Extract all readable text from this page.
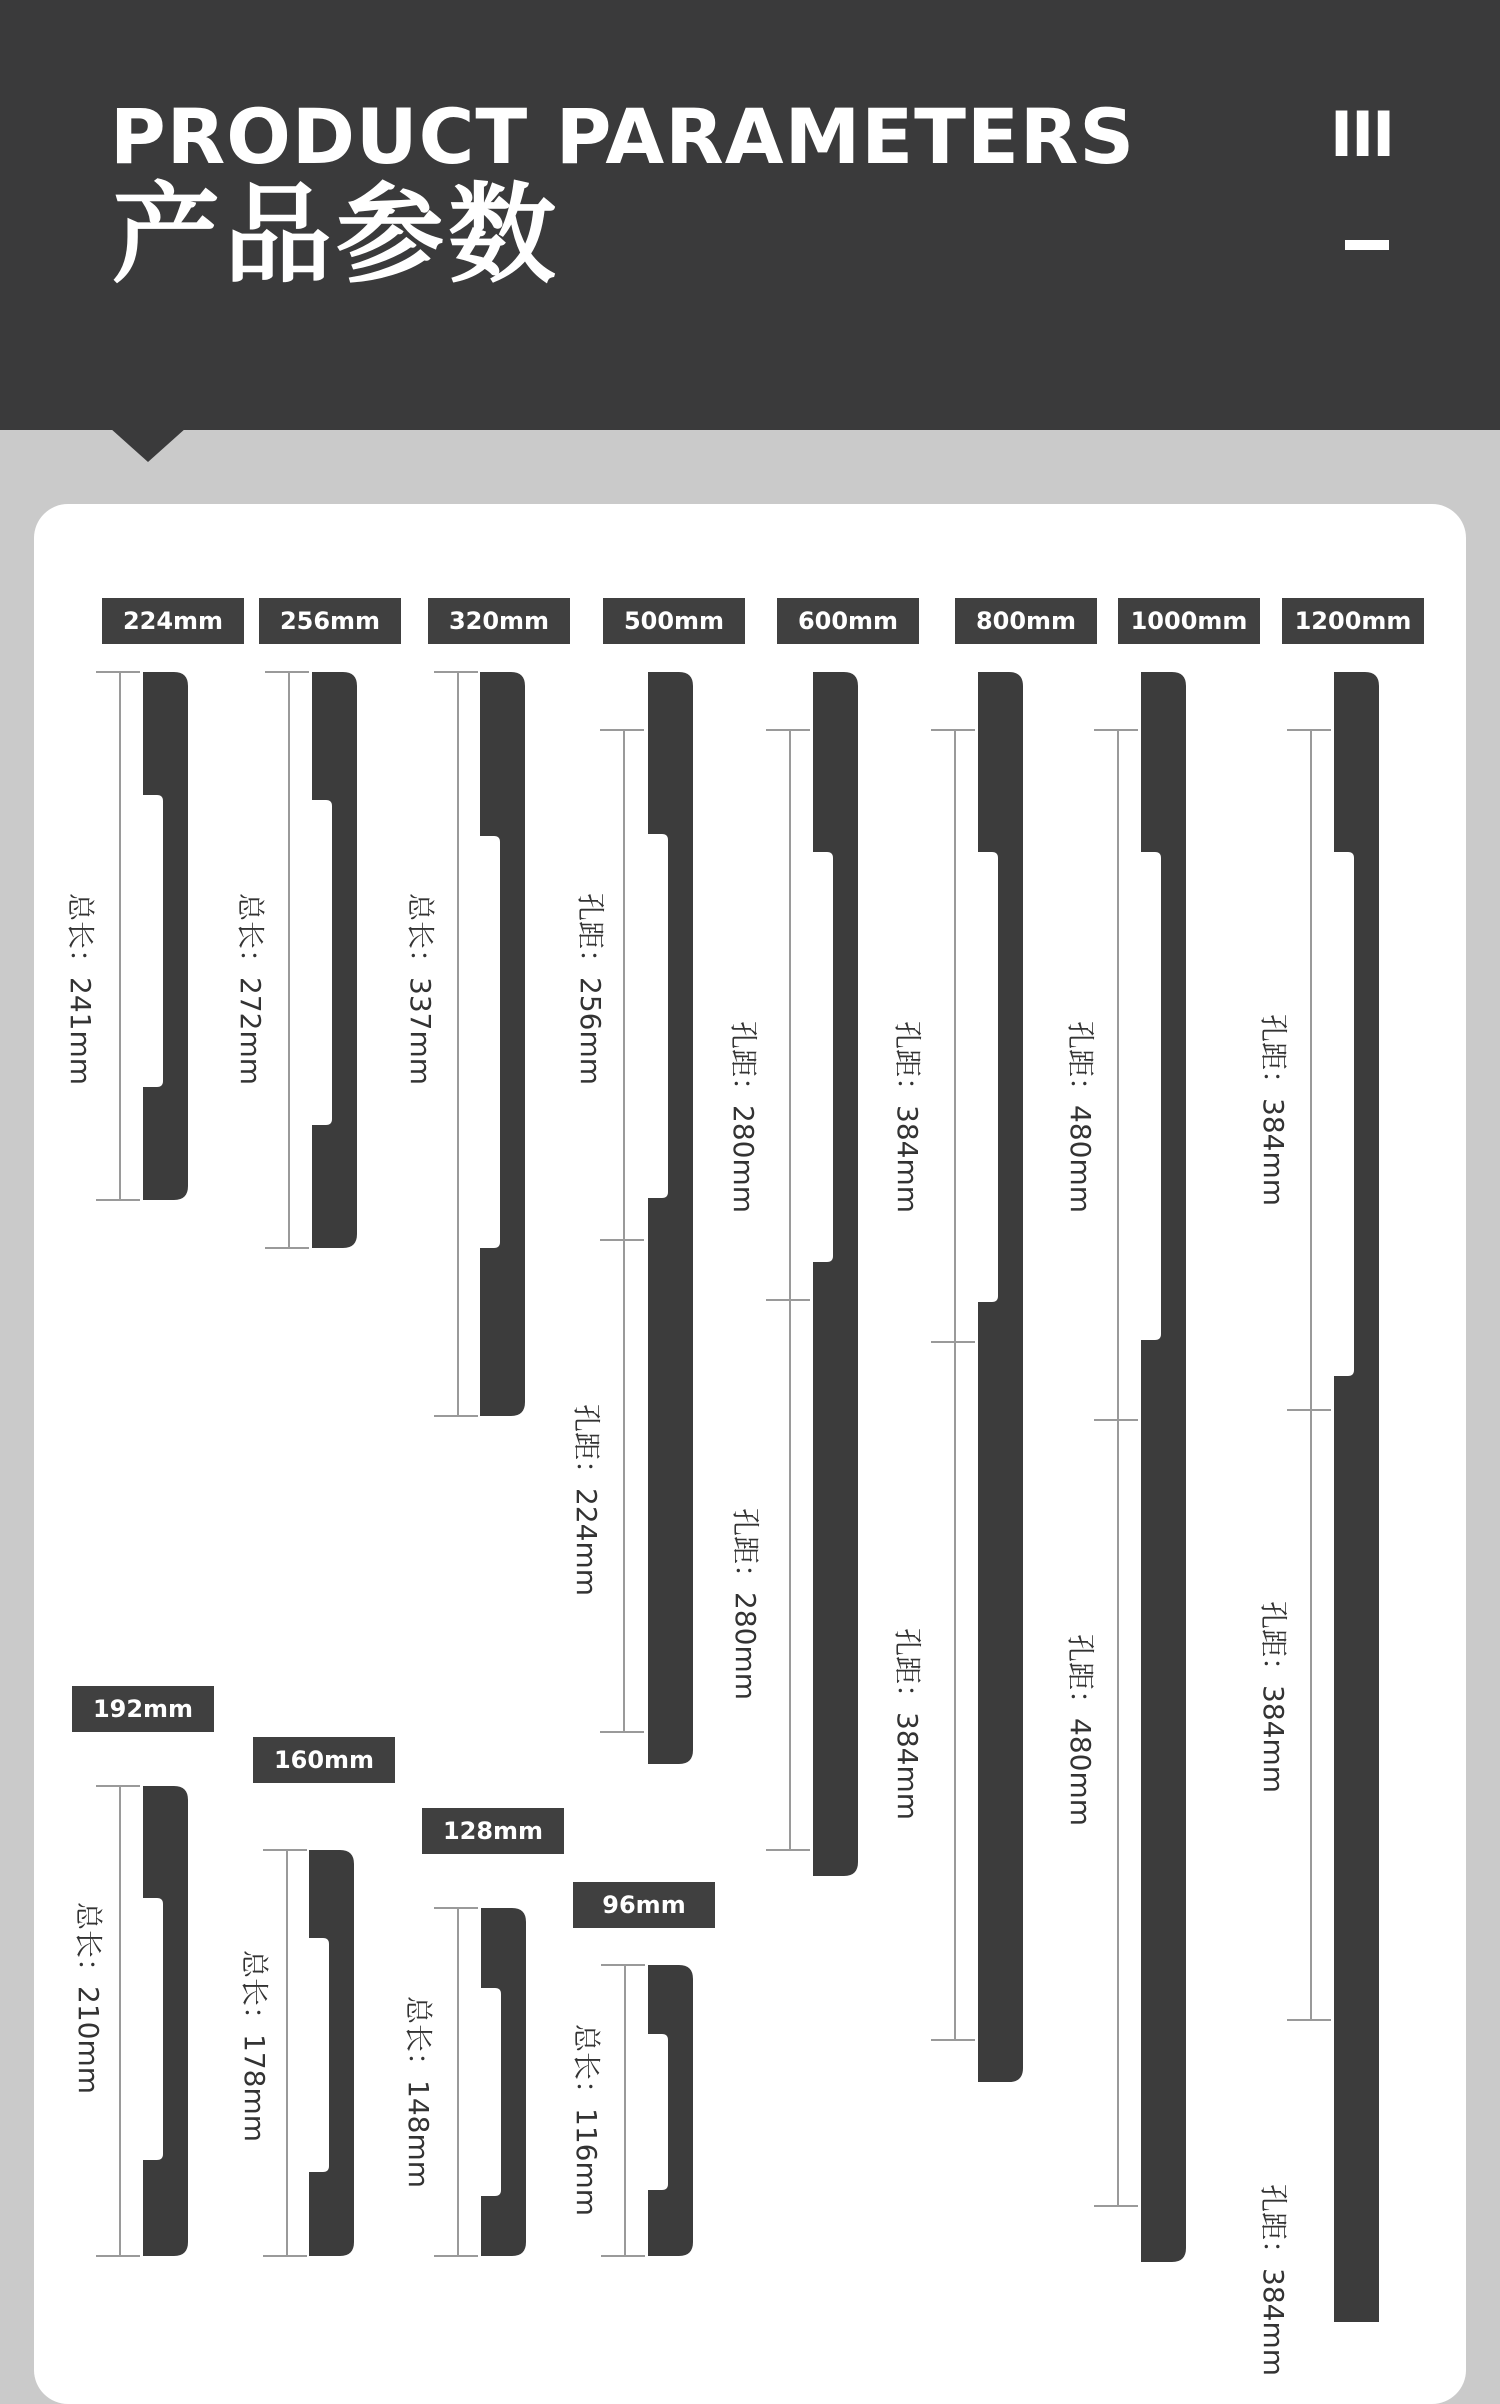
PRODUCT PARAMETERS
产品参数
III
224mm	256mm	320mm	500mm	600mm	800mm	1000mm	1200mm
192mm
160mm
128mm
96mm
总长：241mm	总长：272mm	总长：337mm	孔距：256mm
孔距：224mm
孔距：280mm
孔距：280mm
孔距：384mm
孔距：384mm
孔距：480mm
孔距：480mm
孔距：384mm
孔距：384mm
孔距：384mm
总长：210mm	总长：178mm	总长：148mm	总长：116mm
